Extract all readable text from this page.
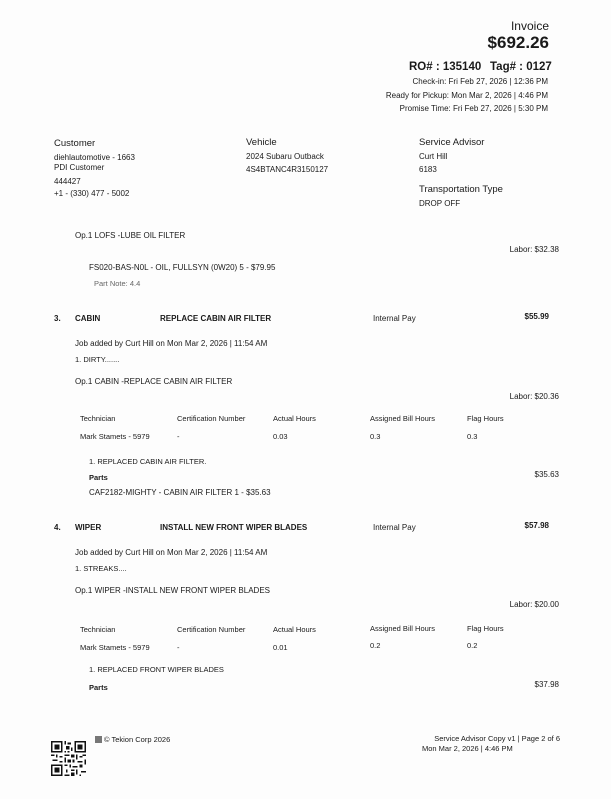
Invoice
$692.26
RO# : 135140 Tag# : 0127
Check-in: Fri Feb 27, 2026 | 12:36 PM
Ready for Pickup: Mon Mar 2, 2026 | 4:46 PM
Promise Time: Fri Feb 27, 2026 | 5:30 PM
Customer
diehlautomotive - 1663
PDI Customer
444427
+1 - (330) 477 - 5002
Vehicle
2024 Subaru Outback
4S4BTANC4R3150127
Service Advisor
Curt Hill
6183
Transportation Type
DROP OFF
Op.1 LOFS -LUBE OIL FILTER
Labor: $32.38
FS020-BAS-N0L - OIL, FULLSYN (0W20) 5 - $79.95
Part Note: 4.4
3. CABIN	REPLACE CABIN AIR FILTER	Internal Pay	$55.99
Job added by Curt Hill on Mon Mar 2, 2026 | 11:54 AM
1. DIRTY.......
Op.1 CABIN -REPLACE CABIN AIR FILTER
Labor: $20.36
Technician	Certification Number	Actual Hours	Assigned Bill Hours	Flag Hours
Mark Stamets - 5979	-	0.03	0.3	0.3
1. REPLACED CABIN AIR FILTER.
Parts	$35.63
CAF2182-MIGHTY - CABIN AIR FILTER 1 - $35.63
4. WIPER	INSTALL NEW FRONT WIPER BLADES	Internal Pay	$57.98
Job added by Curt Hill on Mon Mar 2, 2026 | 11:54 AM
1. STREAKS....
Op.1 WIPER -INSTALL NEW FRONT WIPER BLADES
Labor: $20.00
Technician	Certification Number	Actual Hours	Assigned Bill Hours	Flag Hours
Mark Stamets - 5979	-	0.01	0.2	0.2
1. REPLACED FRONT WIPER BLADES
Parts	$37.98
© Tekion Corp 2026	Service Advisor Copy v1 | Page 2 of 6
Mon Mar 2, 2026 | 4:46 PM
